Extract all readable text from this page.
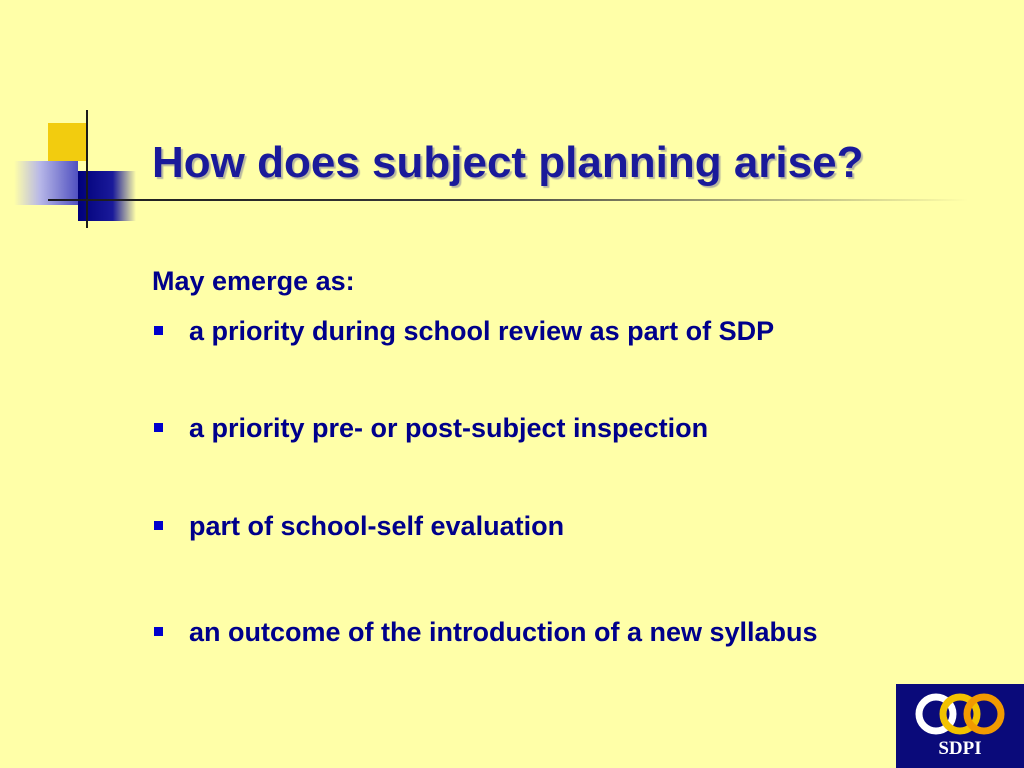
How does subject planning arise?
May emerge as:
a priority during school review as part of SDP
a priority pre- or post-subject inspection
part of school-self evaluation
an outcome of the introduction of a new syllabus
SDPI
